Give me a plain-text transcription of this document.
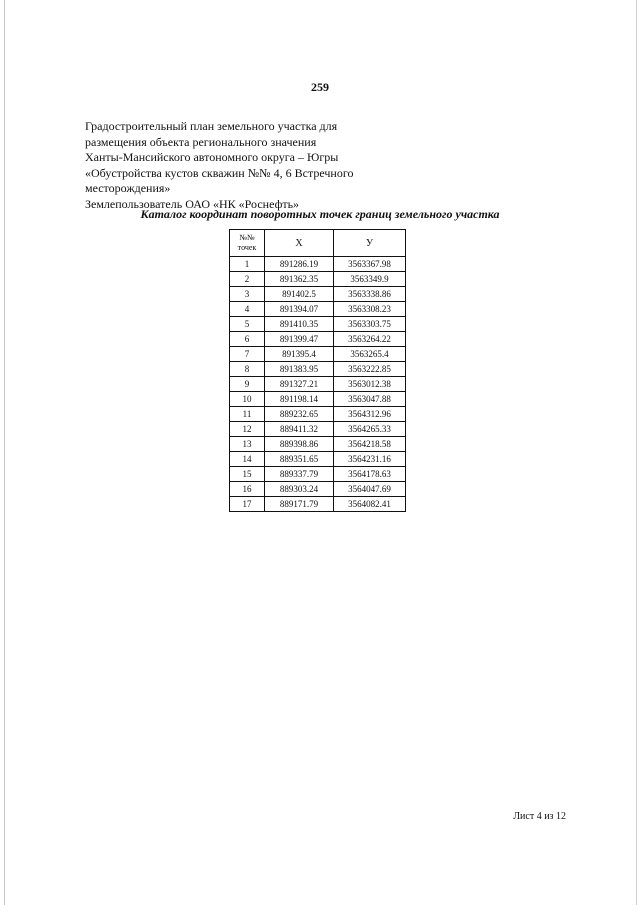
259
Градостроительный план земельного участка для
размещения объекта регионального значения
Ханты-Мансийского автономного округа – Югры
«Обустройства кустов скважин №№ 4, 6 Встречного
месторождения»
Землепользователь ОАО «НК «Роснефть»
Каталог координат поворотных точек границ земельного участка
№№
точек	Х	У
1	891286.19	3563367.98
2	891362.35	3563349.9
3	891402.5	3563338.86
4	891394.07	3563308.23
5	891410.35	3563303.75
6	891399.47	3563264.22
7	891395.4	3563265.4
8	891383.95	3563222.85
9	891327.21	3563012.38
10	891198.14	3563047.88
11	889232.65	3564312.96
12	889411.32	3564265.33
13	889398.86	3564218.58
14	889351.65	3564231.16
15	889337.79	3564178.63
16	889303.24	3564047.69
17	889171.79	3564082.41
Лист 4 из 12
